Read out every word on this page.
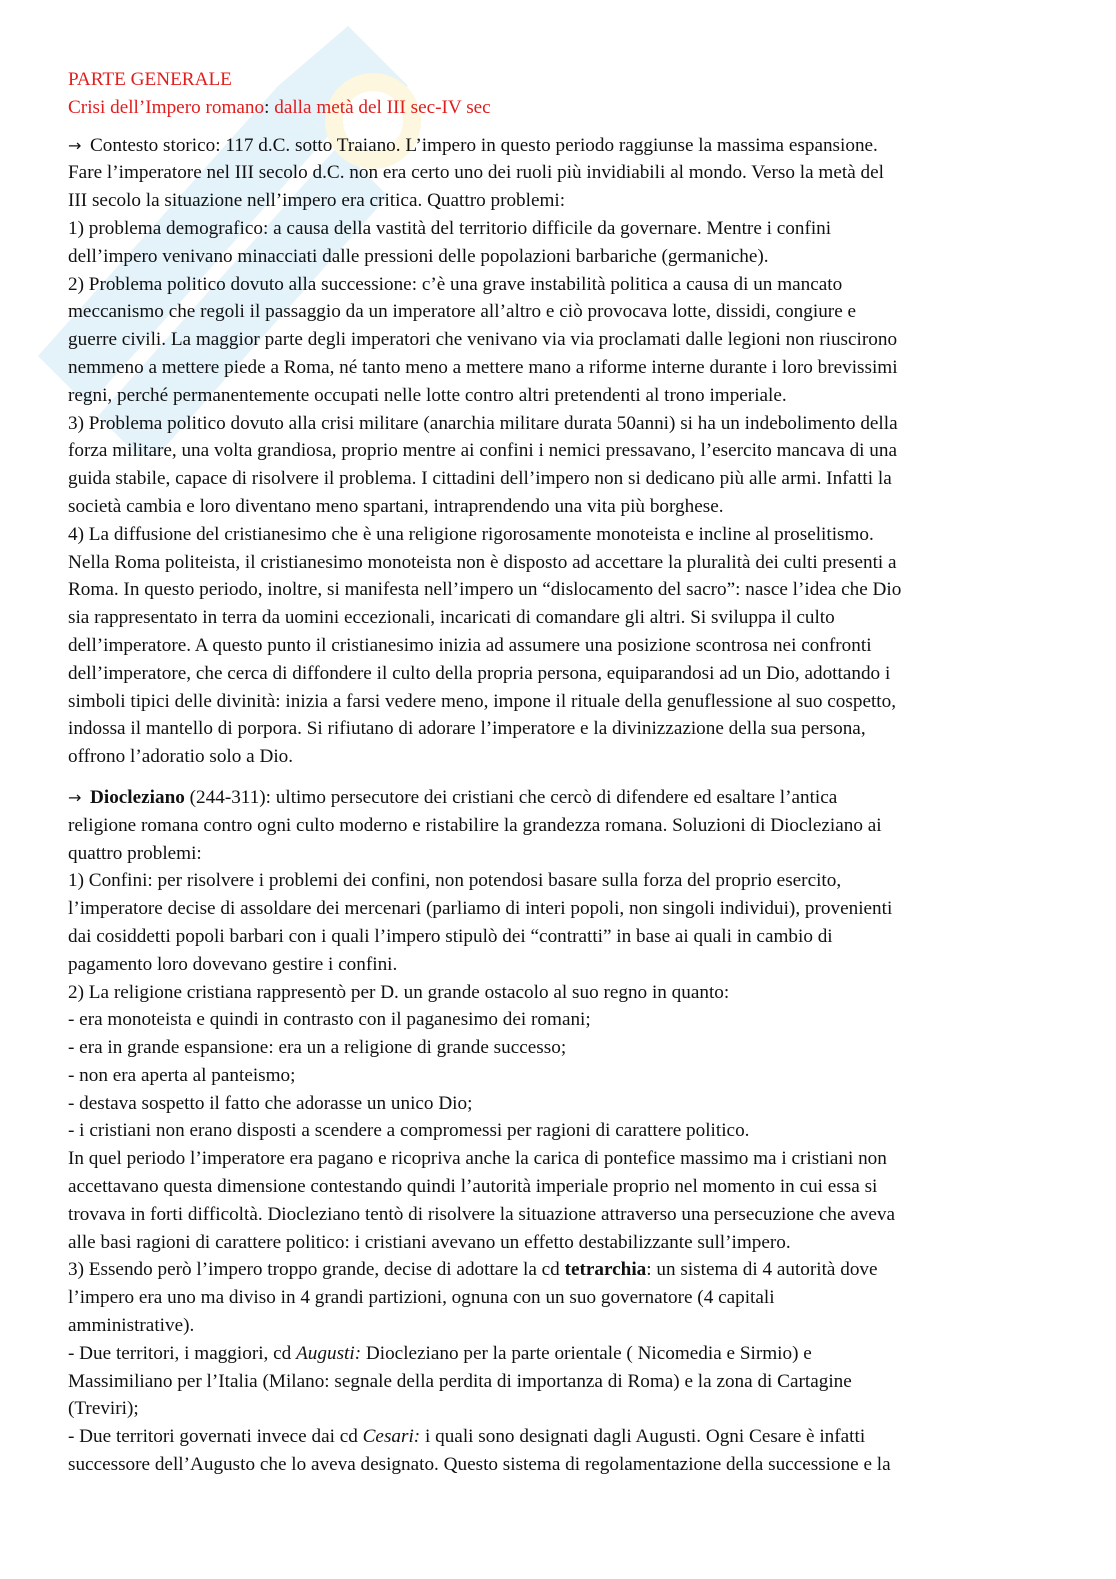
PARTE GENERALE

Crisi dell’Impero romano: dalla metà del III sec-IV sec

→ Contesto storico: 117 d.C. sotto Traiano. L’impero in questo periodo raggiunse la massima espansione.

Fare l’imperatore nel III secolo d.C. non era certo uno dei ruoli più invidiabili al mondo. Verso la metà del

III secolo la situazione nell’impero era critica. Quattro problemi:

1) problema demografico: a causa della vastità del territorio difficile da governare. Mentre i confini

dell’impero venivano minacciati dalle pressioni delle popolazioni barbariche (germaniche).

2) Problema politico dovuto alla successione: c’è una grave instabilità politica a causa di un mancato

meccanismo che regoli il passaggio da un imperatore all’altro e ciò provocava lotte, dissidi, congiure e

guerre civili. La maggior parte degli imperatori che venivano via via proclamati dalle legioni non riuscirono

nemmeno a mettere piede a Roma, né tanto meno a mettere mano a riforme interne durante i loro brevissimi

regni, perché permanentemente occupati nelle lotte contro altri pretendenti al trono imperiale.

3) Problema politico dovuto alla crisi militare (anarchia militare durata 50anni) si ha un indebolimento della

forza militare, una volta grandiosa, proprio mentre ai confini i nemici pressavano, l’esercito mancava di una

guida stabile, capace di risolvere il problema. I cittadini dell’impero non si dedicano più alle armi. Infatti la

società cambia e loro diventano meno spartani, intraprendendo una vita più borghese.

4) La diffusione del cristianesimo che è una religione rigorosamente monoteista e incline al proselitismo.

Nella Roma politeista, il cristianesimo monoteista non è disposto ad accettare la pluralità dei culti presenti a

Roma. In questo periodo, inoltre, si manifesta nell’impero un “dislocamento del sacro”: nasce l’idea che Dio

sia rappresentato in terra da uomini eccezionali, incaricati di comandare gli altri. Si sviluppa il culto

dell’imperatore. A questo punto il cristianesimo inizia ad assumere una posizione scontrosa nei confronti

dell’imperatore, che cerca di diffondere il culto della propria persona, equiparandosi ad un Dio, adottando i

simboli tipici delle divinità: inizia a farsi vedere meno, impone il rituale della genuflessione al suo cospetto,

indossa il mantello di porpora. Si rifiutano di adorare l’imperatore e la divinizzazione della sua persona,

offrono l’adoratio solo a Dio.

→ Diocleziano (244-311): ultimo persecutore dei cristiani che cercò di difendere ed esaltare l’antica

religione romana contro ogni culto moderno e ristabilire la grandezza romana. Soluzioni di Diocleziano ai

quattro problemi:

1) Confini: per risolvere i problemi dei confini, non potendosi basare sulla forza del proprio esercito,

l’imperatore decise di assoldare dei mercenari (parliamo di interi popoli, non singoli individui), provenienti

dai cosiddetti popoli barbari con i quali l’impero stipulò dei “contratti” in base ai quali in cambio di

pagamento loro dovevano gestire i confini.

2) La religione cristiana rappresentò per D. un grande ostacolo al suo regno in quanto:

- era monoteista e quindi in contrasto con il paganesimo dei romani;

- era in grande espansione: era un a religione di grande successo;

- non era aperta al panteismo;

- destava sospetto il fatto che adorasse un unico Dio;

- i cristiani non erano disposti a scendere a compromessi per ragioni di carattere politico.

In quel periodo l’imperatore era pagano e ricopriva anche la carica di pontefice massimo ma i cristiani non

accettavano questa dimensione contestando quindi l’autorità imperiale proprio nel momento in cui essa si

trovava in forti difficoltà. Diocleziano tentò di risolvere la situazione attraverso una persecuzione che aveva

alle basi ragioni di carattere politico: i cristiani avevano un effetto destabilizzante sull’impero.

3) Essendo però l’impero troppo grande, decise di adottare la cd tetrarchia: un sistema di 4 autorità dove

l’impero era uno ma diviso in 4 grandi partizioni, ognuna con un suo governatore (4 capitali

amministrative).

- Due territori, i maggiori, cd Augusti: Diocleziano per la parte orientale ( Nicomedia e Sirmio) e

Massimiliano per l’Italia (Milano: segnale della perdita di importanza di Roma) e la zona di Cartagine

(Treviri);

- Due territori governati invece dai cd Cesari: i quali sono designati dagli Augusti. Ogni Cesare è infatti

successore dell’Augusto che lo aveva designato. Questo sistema di regolamentazione della successione e la
